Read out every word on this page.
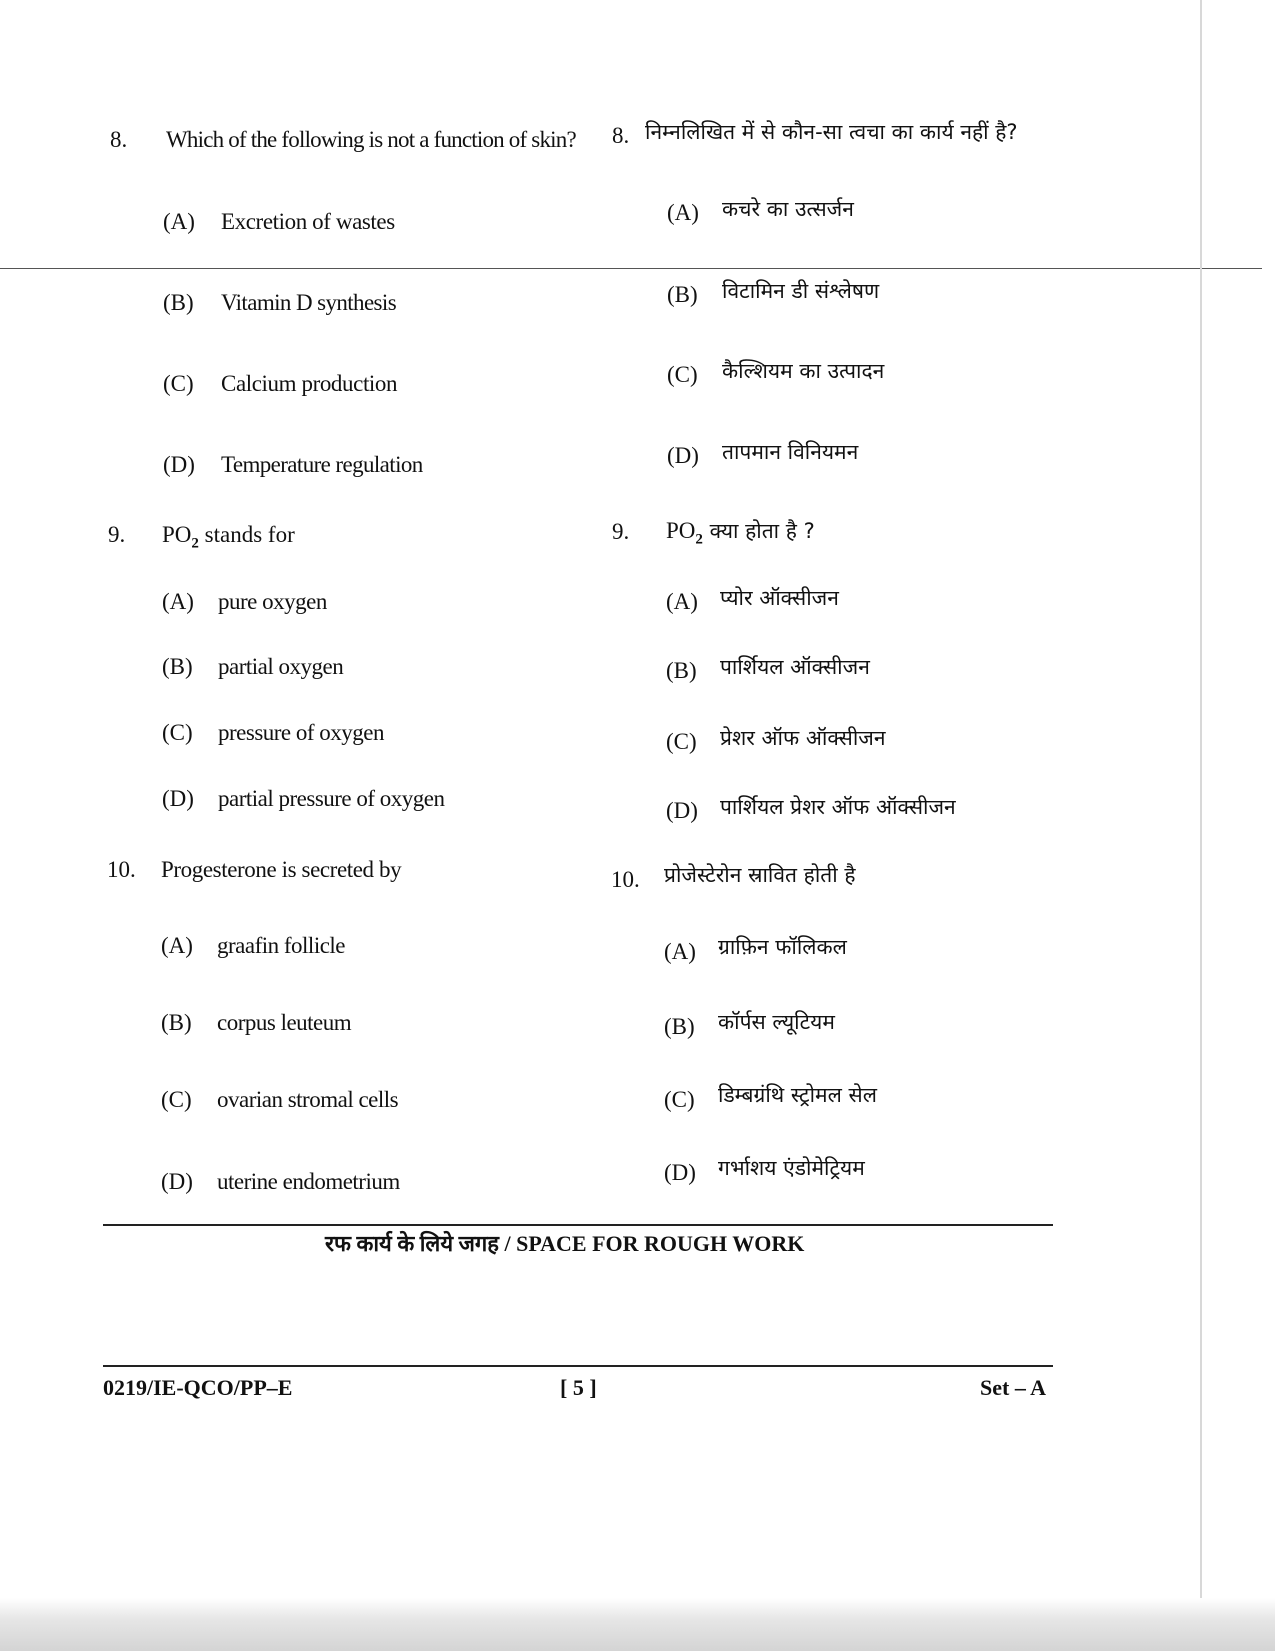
8. Which of the following is not a function of skin?
(A) Excretion of wastes
(B) Vitamin D synthesis
(C) Calcium production
(D) Temperature regulation
8. निम्नलिखित में से कौन-सा त्वचा का कार्य नहीं है?
(A) कचरे का उत्सर्जन
(B) विटामिन डी संश्लेषण
(C) कैल्शियम का उत्पादन
(D) तापमान विनियमन
9. $PO_2$ stands for
(A) pure oxygen
(B) partial oxygen
(C) pressure of oxygen
(D) partial pressure of oxygen
9. $PO_2$ क्या होता है ?
(A) प्योर ऑक्सीजन
(B) पार्शियल ऑक्सीजन
(C) प्रेशर ऑफ ऑक्सीजन
(D) पार्शियल प्रेशर ऑफ ऑक्सीजन
10. Progesterone is secreted by
(A) graafin follicle
(B) corpus leuteum
(C) ovarian stromal cells
(D) uterine endometrium
10. प्रोजेस्टेरोन स्रावित होती है
(A) ग्राफ़िन फॉलिकल
(B) कॉर्पस ल्यूटियम
(C) डिम्बग्रंथि स्ट्रोमल सेल
(D) गर्भाशय एंडोमेट्रियम
रफ कार्य के लिये जगह / SPACE FOR ROUGH WORK
0219/IE-QCO/PP–E	[ 5 ]	Set – A
